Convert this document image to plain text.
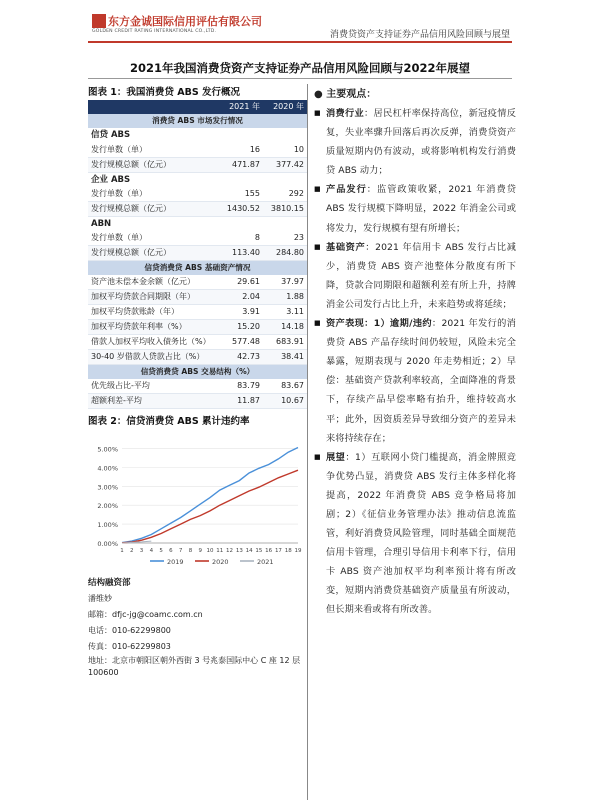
东方金诚国际信用评估有限公司
GOLDEN CREDIT RATING INTERNATIONAL CO.,LTD.	消费贷资产支持证券产品信用风险回顾与展望
2021年我国消费贷资产支持证券产品信用风险回顾与2022年展望
图表 1：我国消费贷 ABS 发行概况
	2021 年	2020 年
消费贷 ABS 市场发行情况		
信贷 ABS		
发行单数（单）	16	10
发行规模总额（亿元）	471.87	377.42
企业 ABS		
发行单数（单）	155	292
发行规模总额（亿元）	1430.52	3810.15
ABN		
发行单数（单）	8	23
发行规模总额（亿元）	113.40	284.80
信贷消费贷 ABS 基础资产情况		
资产池未偿本金余额（亿元）	29.61	37.97
加权平均贷款合同期限（年）	2.04	1.88
加权平均贷款账龄（年）	3.91	3.11
加权平均贷款年利率（%）	15.20	14.18
借款人加权平均收入债务比（%）	577.48	683.91
30-40 岁借款人贷款占比（%）	42.73	38.41
信贷消费贷 ABS 交易结构（%）		
优先级占比-平均	83.79	83.67
超额利差-平均	11.87	10.67
图表 2：信贷消费贷 ABS 累计违约率
0.00%
1.00%
2.00%
3.00%
4.00%
5.00%
1 2 3 4 5 6 7 8 9 10 11 12 13 14 15 16 17 18 19
2019	2020	2021
结构融资部
潘维妙
邮箱：dfjc-jg@coamc.com.cn
电话：010-62299800
传真：010-62299803
地址：北京市朝阳区朝外西街 3 号兆泰国际中心 C 座 12 层 100600
● 主要观点：
■ 消费行业：居民杠杆率保持高位，新冠疫情反复，失业率骤升回落后再次反弹，消费贷资产质量短期内仍有波动，或将影响机构发行消费贷 ABS 动力；
■ 产品发行：监管政策收紧，2021 年消费贷 ABS 发行规模下降明显，2022 年消金公司或将发力，发行规模有望有所增长；
■ 基础资产：2021 年信用卡 ABS 发行占比减少，消费贷 ABS 资产池整体分散度有所下降，贷款合同期限和超额利差有所上升，持牌消金公司发行占比上升，未来趋势或将延续；
■ 资产表现：1）逾期/违约：2021 年发行的消费贷 ABS 产品存续时间仍较短，风险未完全暴露，短期表现与 2020 年走势相近；2）早偿：基础资产贷款利率较高，全面降准的背景下，存续产品早偿率略有抬升，维持较高水平；此外，因资质差异导致细分资产的差异未来将持续存在；
■ 展望：1）互联网小贷门槛提高，消金牌照竞争优势凸显，消费贷 ABS 发行主体多样化将提高，2022 年消费贷 ABS 竞争格局将加剧；2）《征信业务管理办法》推动信息流监管，利好消费贷风险管理，同时基础全面规范信用卡管理，合理引导信用卡利率下行，信用卡 ABS 资产池加权平均利率预计将有所改变，短期内消费贷基础资产质量虽有所波动，但长期来看或将有所改善。
